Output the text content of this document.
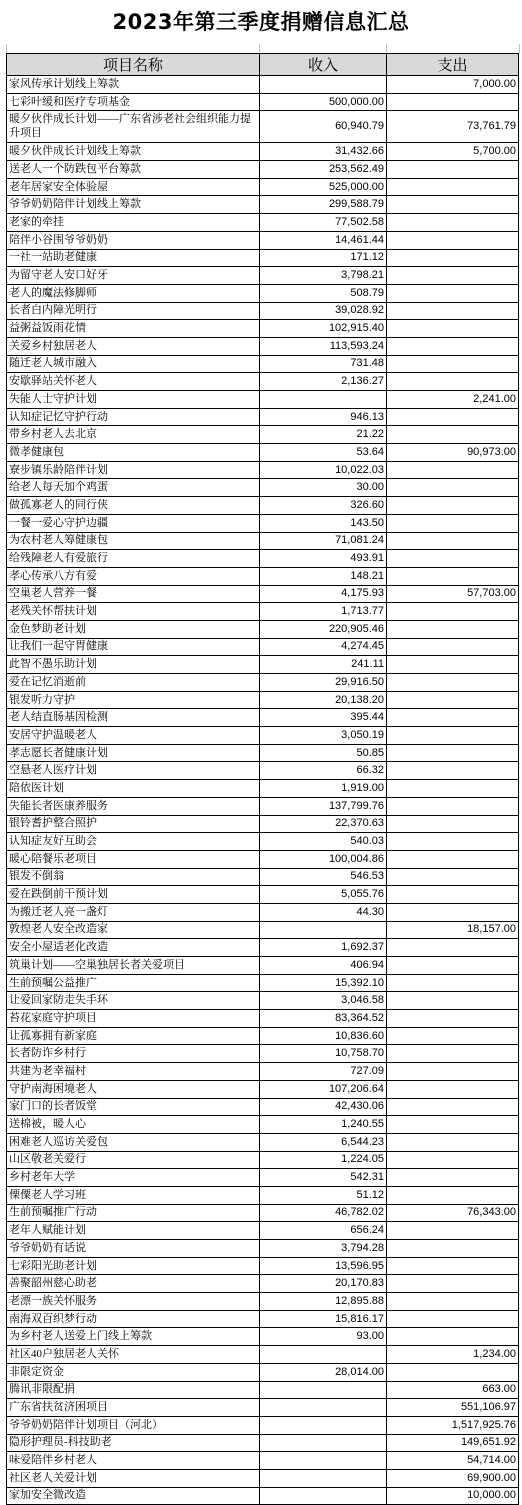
2023年第三季度捐赠信息汇总
项目名称	收入	支出
家风传承计划线上筹款		7,000.00
七彩叶缓和医疗专项基金	500,000.00	
暖夕伙伴成长计划——广东省涉老社会组织能力提升项目	60,940.79	73,761.79
暖夕伙伴成长计划线上筹款	31,432.66	5,700.00
送老人一个防跌包平台筹款	253,562.49	
老年居家安全体验屋	525,000.00	
爷爷奶奶陪伴计划线上筹款	299,588.79	
老家的牵挂	77,502.58	
陪伴小谷围爷爷奶奶	14,461.44	
一社一站助老健康	171.12	
为留守老人安口好牙	3,798.21	
老人的魔法修脚师	508.79	
长者白内障光明行	39,028.92	
益粥益饭雨花情	102,915.40	
关爱乡村独居老人	113,593.24	
随迁老人城市融入	731.48	
安歇驿站关怀老人	2,136.27	
失能人士守护计划		2,241.00
认知症记忆守护行动	946.13	
带乡村老人去北京	21.22	
微孝健康包	53.64	90,973.00
寮步镇乐龄陪伴计划	10,022.03	
给老人每天加个鸡蛋	30.00	
做孤寡老人的同行侠	326.60	
一餐一爱心守护边疆	143.50	
为农村老人筹健康包	71,081.24	
给残障老人有爱旅行	493.91	
孝心传承八方有爱	148.21	
空巢老人营养一餐	4,175.93	57,703.00
老残关怀帮扶计划	1,713.77	
金色梦助老计划	220,905.46	
让我们一起守胃健康	4,274.45	
此智不愚乐助计划	241.11	
爱在记忆消逝前	29,916.50	
银发听力守护	20,138.20	
老人结直肠基因检测	395.44	
安居守护温暖老人	3,050.19	
孝志愿长者健康计划	50.85	
空悬老人医疗计划	66.32	
陪依医计划	1,919.00	
失能长者医康养服务	137,799.76	
银铃耆护整合照护	22,370.63	
认知症友好互助会	540.03	
暖心陪餐乐老项目	100,004.86	
银发不倒翁	546.53	
爱在跌倒前干预计划	5,055.76	
为搬迁老人亮一盏灯	44.30	
敦煌老人安全改造家		18,157.00
安全小屋适老化改造	1,692.37	
筑巢计划——空巢独居长者关爱项目	406.94	
生前预嘱公益推广	15,392.10	
让爱回家防走失手环	3,046.58	
苔花家庭守护项目	83,364.52	
让孤寡拥有新家庭	10,836.60	
长者防诈乡村行	10,758.70	
共建为老幸福村	727.09	
守护南海困境老人	107,206.64	
家门口的长者饭堂	42,430.06	
送棉被，暖人心	1,240.55	
困难老人巡访关爱包	6,544.23	
山区敬老关爱行	1,224.05	
乡村老年大学	542.31	
傈僳老人学习班	51.12	
生前预嘱推广行动	46,782.02	76,343.00
老年人赋能计划	656.24	
爷爷奶奶有话说	3,794.28	
七彩阳光助老计划	13,596.95	
善聚韶州慈心助老	20,170.83	
老漂一族关怀服务	12,895.88	
南海双百织梦行动	15,816.17	
为乡村老人送爱上门线上筹款	93.00	
社区40户独居老人关怀		1,234.00
非限定资金	28,014.00	
腾讯非限配捐		663.00
广东省扶贫济困项目		551,106.97
爷爷奶奶陪伴计划项目（河北）		1,517,925.76
隐形护理员-科技助老		149,651.92
味爱陪伴乡村老人		54,714.00
社区老人关爱计划		69,900.00
家加安全微改造		10,000.00
